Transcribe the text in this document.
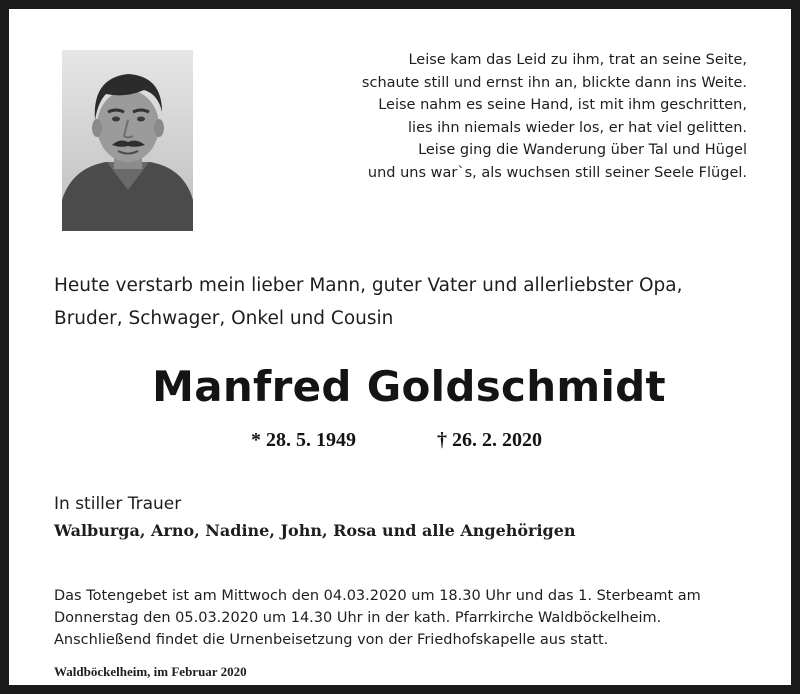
Leise kam das Leid zu ihm, trat an seine Seite,
schaute still und ernst ihn an, blickte dann ins Weite.
Leise nahm es seine Hand, ist mit ihm geschritten,
lies ihn niemals wieder los, er hat viel gelitten.
Leise ging die Wanderung über Tal und Hügel
und uns war`s, als wuchsen still seiner Seele Flügel.
Heute verstarb mein lieber Mann, guter Vater und allerliebster Opa,
Bruder, Schwager, Onkel und Cousin
Manfred Goldschmidt
* 28. 5. 1949	† 26. 2. 2020
In stiller Trauer
Walburga, Arno, Nadine, John, Rosa und alle Angehörigen
Das Totengebet ist am Mittwoch den 04.03.2020 um 18.30 Uhr und das 1. Sterbeamt am
Donnerstag den 05.03.2020 um 14.30 Uhr in der kath. Pfarrkirche Waldböckelheim.
Anschließend findet die Urnenbeisetzung von der Friedhofskapelle aus statt.
Waldböckelheim, im Februar 2020
